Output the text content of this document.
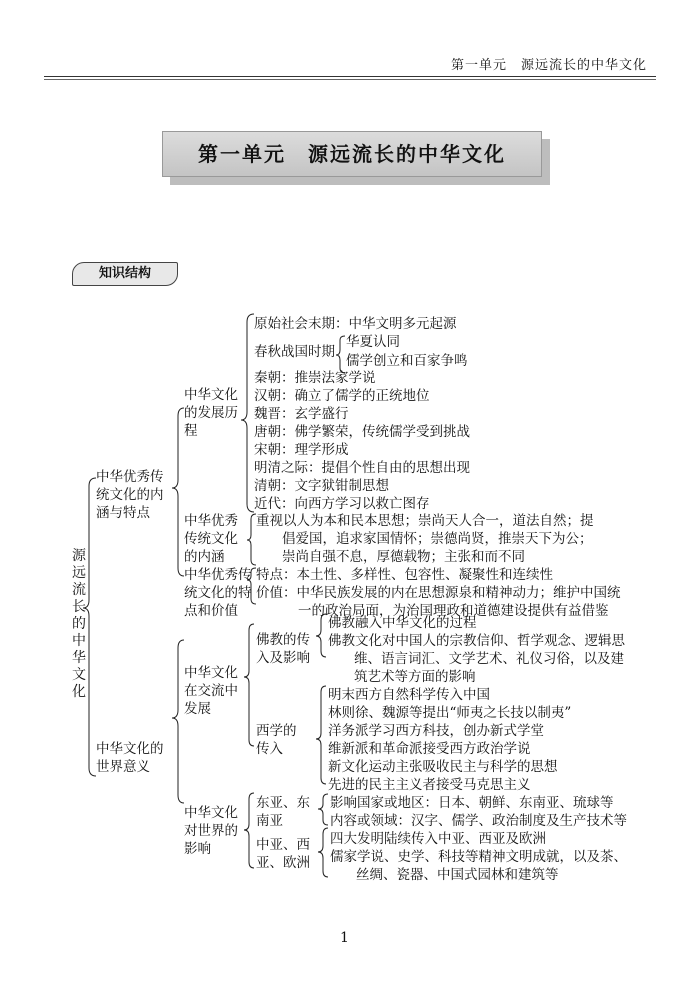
第一单元　源远流长的中华文化
第一单元　源远流长的中华文化
知识结构
源远流长的中华文化
中华优秀传
统文化的内
涵与特点
中华文化的
世界意义
中华文化
的发展历
程
中华优秀
传统文化
的内涵
中华优秀传
统文化的特
点和价值
中华文化
在交流中
发展
中华文化
对世界的
影响
原始社会末期：中华文明多元起源
春秋战国时期
华夏认同
儒学创立和百家争鸣
秦朝：推崇法家学说
汉朝：确立了儒学的正统地位
魏晋：玄学盛行
唐朝：佛学繁荣，传统儒学受到挑战
宋朝：理学形成
明清之际：提倡个性自由的思想出现
清朝：文字狱钳制思想
近代：向西方学习以救亡图存
重视以人为本和民本思想；崇尚天人合一，道法自然；提
倡爱国，追求家国情怀；崇德尚贤，推崇天下为公；
崇尚自强不息，厚德载物；主张和而不同
特点：本土性、多样性、包容性、凝聚性和连续性
价值：中华民族发展的内在思想源泉和精神动力；维护中国统
一的政治局面，为治国理政和道德建设提供有益借鉴
佛教的传
入及影响
佛教融入中华文化的过程
佛教文化对中国人的宗教信仰、哲学观念、逻辑思
维、语言词汇、文学艺术、礼仪习俗，以及建
筑艺术等方面的影响
西学的
传入
明末西方自然科学传入中国
林则徐、魏源等提出“师夷之长技以制夷”
洋务派学习西方科技，创办新式学堂
维新派和革命派接受西方政治学说
新文化运动主张吸收民主与科学的思想
先进的民主主义者接受马克思主义
东亚、东
南亚
影响国家或地区：日本、朝鲜、东南亚、琉球等
内容或领域：汉字、儒学、政治制度及生产技术等
中亚、西
亚、欧洲
四大发明陆续传入中亚、西亚及欧洲
儒家学说、史学、科技等精神文明成就，以及茶、
丝绸、瓷器、中国式园林和建筑等
1
